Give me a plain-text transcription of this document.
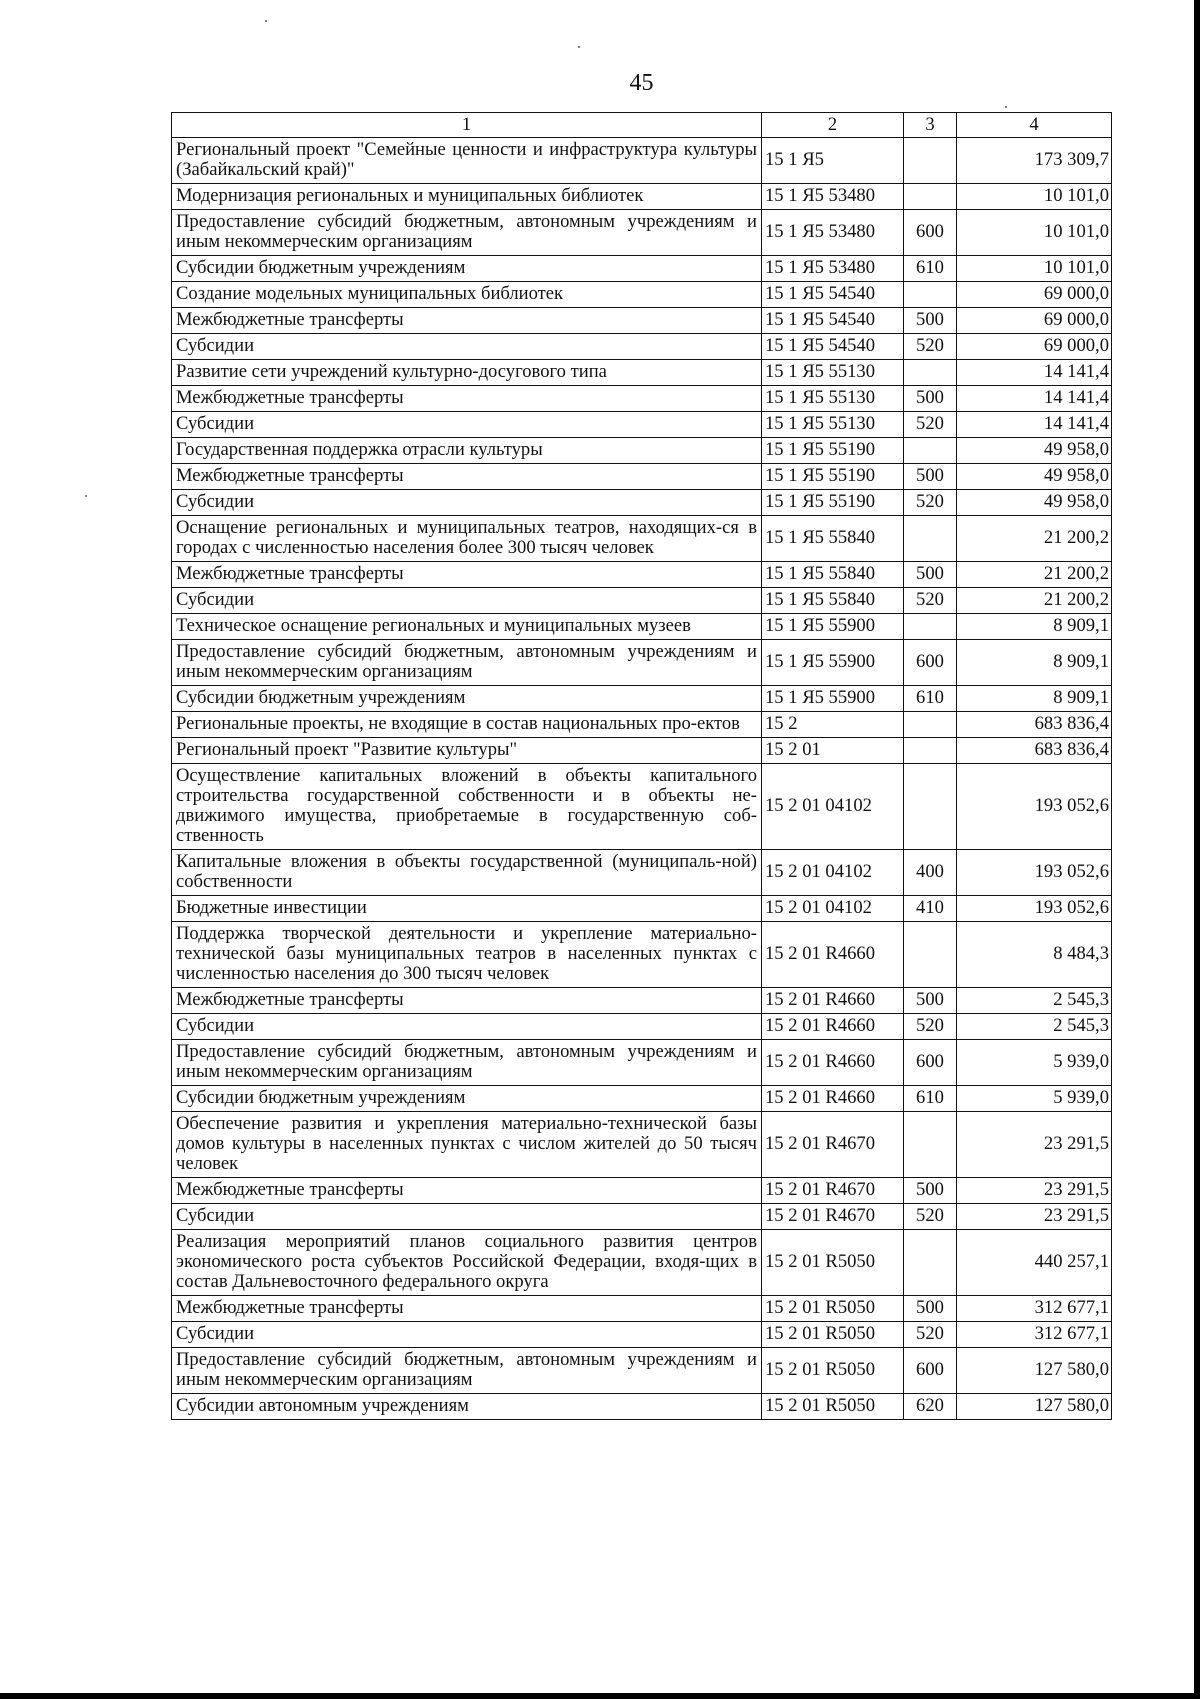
45
1	2	3	4
Региональный проект "Семейные ценности и инфраструктура культуры (Забайкальский край)"	15 1 Я5		173 309,7
Модернизация региональных и муниципальных библиотек	15 1 Я5 53480		10 101,0
Предоставление субсидий бюджетным, автономным учреждениям и иным некоммерческим организациям	15 1 Я5 53480	600	10 101,0
Субсидии бюджетным учреждениям	15 1 Я5 53480	610	10 101,0
Создание модельных муниципальных библиотек	15 1 Я5 54540		69 000,0
Межбюджетные трансферты	15 1 Я5 54540	500	69 000,0
Субсидии	15 1 Я5 54540	520	69 000,0
Развитие сети учреждений культурно-досугового типа	15 1 Я5 55130		14 141,4
Межбюджетные трансферты	15 1 Я5 55130	500	14 141,4
Субсидии	15 1 Я5 55130	520	14 141,4
Государственная поддержка отрасли культуры	15 1 Я5 55190		49 958,0
Межбюджетные трансферты	15 1 Я5 55190	500	49 958,0
Субсидии	15 1 Я5 55190	520	49 958,0
Оснащение региональных и муниципальных театров, находящих-ся в городах с численностью населения более 300 тысяч человек	15 1 Я5 55840		21 200,2
Межбюджетные трансферты	15 1 Я5 55840	500	21 200,2
Субсидии	15 1 Я5 55840	520	21 200,2
Техническое оснащение региональных и муниципальных музеев	15 1 Я5 55900		8 909,1
Предоставление субсидий бюджетным, автономным учреждениям и иным некоммерческим организациям	15 1 Я5 55900	600	8 909,1
Субсидии бюджетным учреждениям	15 1 Я5 55900	610	8 909,1
Региональные проекты, не входящие в состав национальных про-ектов	15 2		683 836,4
Региональный проект "Развитие культуры"	15 2 01		683 836,4
Осуществление капитальных вложений в объекты капитального строительства государственной собственности и в объекты не-движимого имущества, приобретаемые в государственную соб-ственность	15 2 01 04102		193 052,6
Капитальные вложения в объекты государственной (муниципаль-ной) собственности	15 2 01 04102	400	193 052,6
Бюджетные инвестиции	15 2 01 04102	410	193 052,6
Поддержка творческой деятельности и укрепление материально-технической базы муниципальных театров в населенных пунктах с численностью населения до 300 тысяч человек	15 2 01 R4660		8 484,3
Межбюджетные трансферты	15 2 01 R4660	500	2 545,3
Субсидии	15 2 01 R4660	520	2 545,3
Предоставление субсидий бюджетным, автономным учреждениям и иным некоммерческим организациям	15 2 01 R4660	600	5 939,0
Субсидии бюджетным учреждениям	15 2 01 R4660	610	5 939,0
Обеспечение развития и укрепления материально-технической базы домов культуры в населенных пунктах с числом жителей до 50 тысяч человек	15 2 01 R4670		23 291,5
Межбюджетные трансферты	15 2 01 R4670	500	23 291,5
Субсидии	15 2 01 R4670	520	23 291,5
Реализация мероприятий планов социального развития центров экономического роста субъектов Российской Федерации, входя-щих в состав Дальневосточного федерального округа	15 2 01 R5050		440 257,1
Межбюджетные трансферты	15 2 01 R5050	500	312 677,1
Субсидии	15 2 01 R5050	520	312 677,1
Предоставление субсидий бюджетным, автономным учреждениям и иным некоммерческим организациям	15 2 01 R5050	600	127 580,0
Субсидии автономным учреждениям	15 2 01 R5050	620	127 580,0
